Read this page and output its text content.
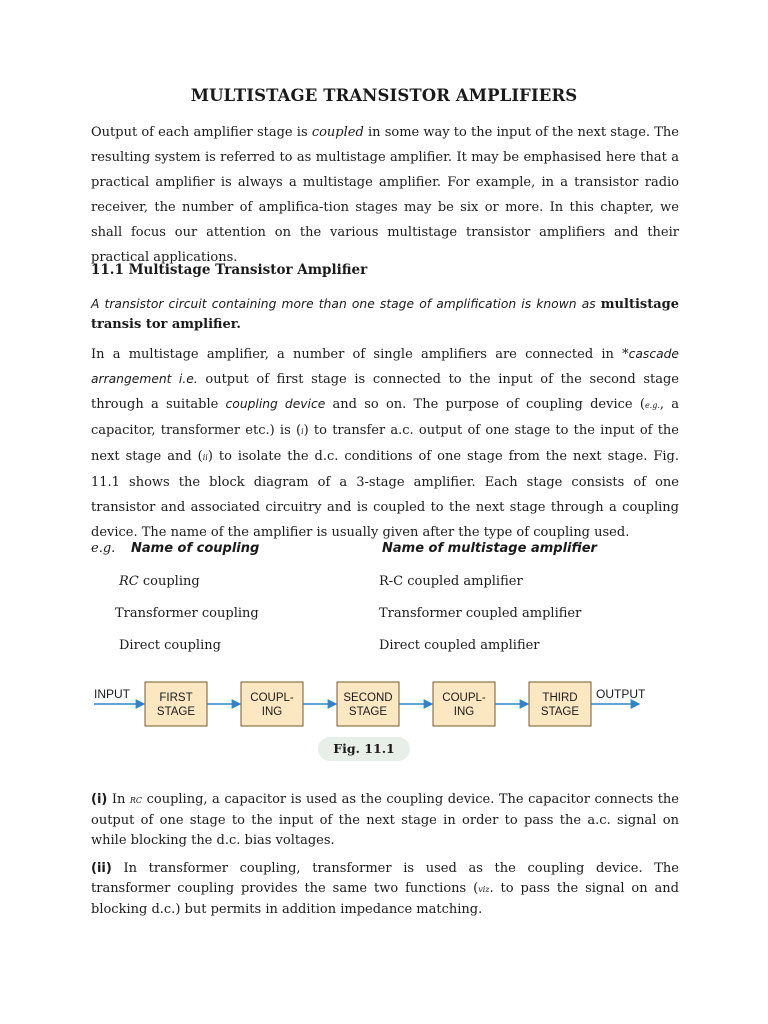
MULTISTAGE TRANSISTOR AMPLIFIERS

Output of each amplifier stage is coupled in some way to the input of the next stage. The resulting system is referred to as multistage amplifier. It may be emphasised here that a practical amplifier is always a multistage amplifier. For example, in a transistor radio receiver, the number of amplifica-tion stages may be six or more. In this chapter, we shall focus our attention on the various multistage transistor amplifiers and their practical applications.

11.1 Multistage Transistor Amplifier

A transistor circuit containing more than one stage of amplification is known as multistage transis tor amplifier.

In a multistage amplifier, a number of single amplifiers are connected in *cascade arrangement i.e. output of first stage is connected to the input of the second stage through a suitable coupling device and so on. The purpose of coupling device (e.g., a capacitor, transformer etc.) is (i) to transfer a.c. output of one stage to the input of the next stage and (ii) to isolate the d.c. conditions of one stage from the next stage. Fig. 11.1 shows the block diagram of a 3-stage amplifier. Each stage consists of one transistor and associated circuitry and is coupled to the next stage through a coupling device. The name of the amplifier is usually given after the type of coupling used.

e.g. Name of coupling	Name of multistage amplifier
RC coupling	R-C coupled amplifier
Transformer coupling	Transformer coupled amplifier
Direct coupling	Direct coupled amplifier
INPUT	OUTPUT
FIRST
STAGE
COUPL-
ING
SECOND
STAGE
COUPL-
ING
THIRD
STAGE
Fig. 11.1

(i) In RC coupling, a capacitor is used as the coupling device. The capacitor connects the output of one stage to the input of the next stage in order to pass the a.c. signal on while blocking the d.c. bias voltages.

(ii) In transformer coupling, transformer is used as the coupling device. The transformer coupling provides the same two functions (viz. to pass the signal on and blocking d.c.) but permits in addition impedance matching.
